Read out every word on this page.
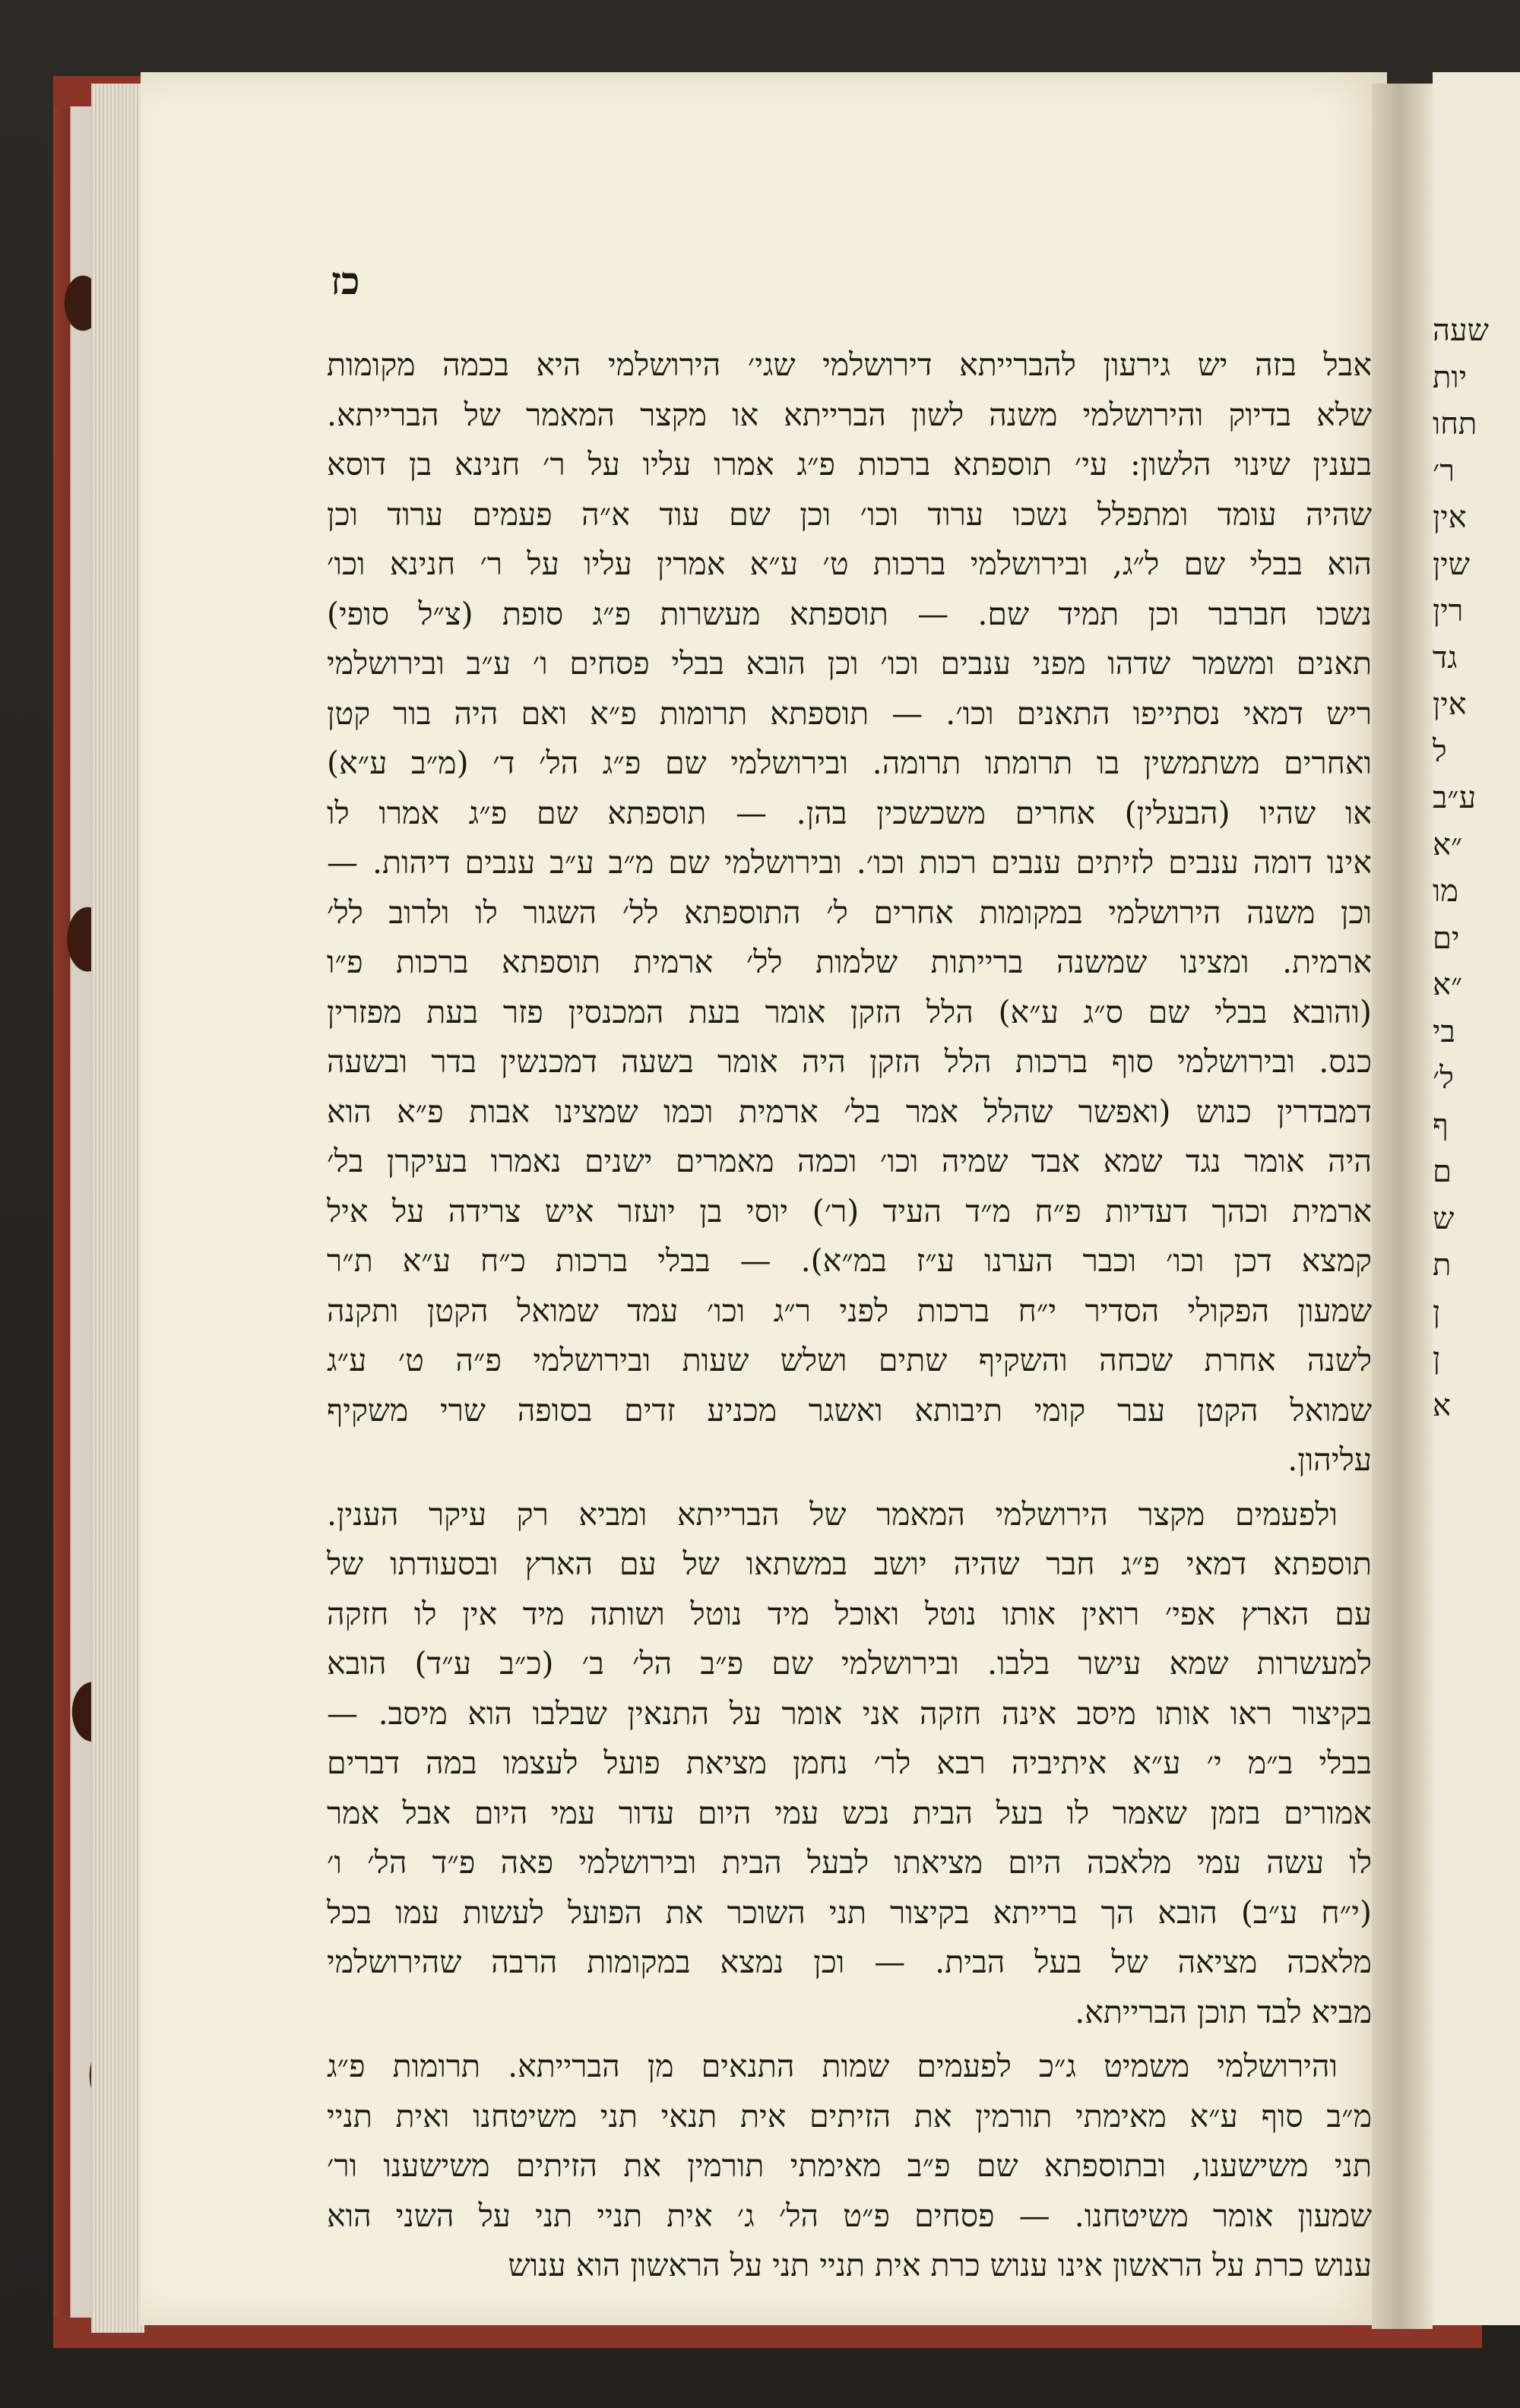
שעה
יות
תחו
ר׳
אין
שין
רין
גד
אין
ל
ע״ב
״א
מו
ים
״א
בי
ל׳
ף
ם
ש
ת
ן
ן
א
כז
אבל בזה יש גירעון להברייתא דירושלמי שגי׳ הירושלמי היא בכמה מקומות
שלא בדיוק והירושלמי משנה לשון הברייתא או מקצר המאמר של הברייתא.
בענין שינוי הלשון: עי׳ תוספתא ברכות פ״ג אמרו עליו על ר׳ חנינא בן דוסא
שהיה עומד ומתפלל נשכו ערוד וכו׳ וכן שם עוד א״ה פעמים ערוד וכן
הוא בבלי שם ל״ג, ובירושלמי ברכות ט׳ ע״א אמרין עליו על ר׳ חנינא וכו׳
נשכו חברבר וכן תמיד שם. — תוספתא מעשרות פ״ג סופת (צ״ל סופי)
תאנים ומשמר שדהו מפני ענבים וכו׳ וכן הובא בבלי פסחים ו׳ ע״ב ובירושלמי
ריש דמאי נסתייפו התאנים וכו׳. — תוספתא תרומות פ״א ואם היה בור קטן
ואחרים משתמשין בו תרומתו תרומה. ובירושלמי שם פ״ג הל׳ ד׳ (מ״ב ע״א)
או שהיו (הבעלין) אחרים משכשכין בהן. — תוספתא שם פ״ג אמרו לו
אינו דומה ענבים לזיתים ענבים רכות וכו׳. ובירושלמי שם מ״ב ע״ב ענבים דיהות. —
וכן משנה הירושלמי במקומות אחרים ל׳ התוספתא לל׳ השגור לו ולרוב לל׳
ארמית. ומצינו שמשנה ברייתות שלמות לל׳ ארמית תוספתא ברכות פ״ו
(והובא בבלי שם ס״ג ע״א) הלל הזקן אומר בעת המכנסין פזר בעת מפזרין
כנס. ובירושלמי סוף ברכות הלל הזקן היה אומר בשעה דמכנשין בדר ובשעה
דמבדרין כנוש (ואפשר שהלל אמר בל׳ ארמית וכמו שמצינו אבות פ״א הוא
היה אומר נגד שמא אבד שמיה וכו׳ וכמה מאמרים ישנים נאמרו בעיקרן בל׳
ארמית וכהך דעדיות פ״ח מ״ד העיד (ר׳) יוסי בן יועזר איש צרידה על איל
קמצא דכן וכו׳ וכבר הערנו ע״ז במ״א). — בבלי ברכות כ״ח ע״א ת״ר
שמעון הפקולי הסדיר י״ח ברכות לפני ר״ג וכו׳ עמד שמואל הקטן ותקנה
לשנה אחרת שכחה והשקיף שתים ושלש שעות ובירושלמי פ״ה ט׳ ע״ג
שמואל הקטן עבר קומי תיבותא ואשגר מכניע זדים בסופה שרי משקיף
עליהון.
ולפעמים מקצר הירושלמי המאמר של הברייתא ומביא רק עיקר הענין.
תוספתא דמאי פ״ג חבר שהיה יושב במשתאו של עם הארץ ובסעודתו של
עם הארץ אפי׳ רואין אותו נוטל ואוכל מיד נוטל ושותה מיד אין לו חזקה
למעשרות שמא עישר בלבו. ובירושלמי שם פ״ב הל׳ ב׳ (כ״ב ע״ד) הובא
בקיצור ראו אותו מיסב אינה חזקה אני אומר על התנאין שבלבו הוא מיסב. —
בבלי ב״מ י׳ ע״א איתיביה רבא לר׳ נחמן מציאת פועל לעצמו במה דברים
אמורים בזמן שאמר לו בעל הבית נכש עמי היום עדור עמי היום אבל אמר
לו עשה עמי מלאכה היום מציאתו לבעל הבית ובירושלמי פאה פ״ד הל׳ ו׳
(י״ח ע״ב) הובא הך ברייתא בקיצור תני השוכר את הפועל לעשות עמו בכל
מלאכה מציאה של בעל הבית. — וכן נמצא במקומות הרבה שהירושלמי
מביא לבד תוכן הברייתא.
והירושלמי משמיט ג״כ לפעמים שמות התנאים מן הברייתא. תרומות פ״ג
מ״ב סוף ע״א מאימתי תורמין את הזיתים אית תנאי תני משיטחנו ואית תניי
תני משישענו, ובתוספתא שם פ״ב מאימתי תורמין את הזיתים משישענו ור׳
שמעון אומר משיטחנו. — פסחים פ״ט הל׳ ג׳ אית תניי תני על השני הוא
ענוש כרת על הראשון אינו ענוש כרת אית תניי תני על הראשון הוא ענוש
